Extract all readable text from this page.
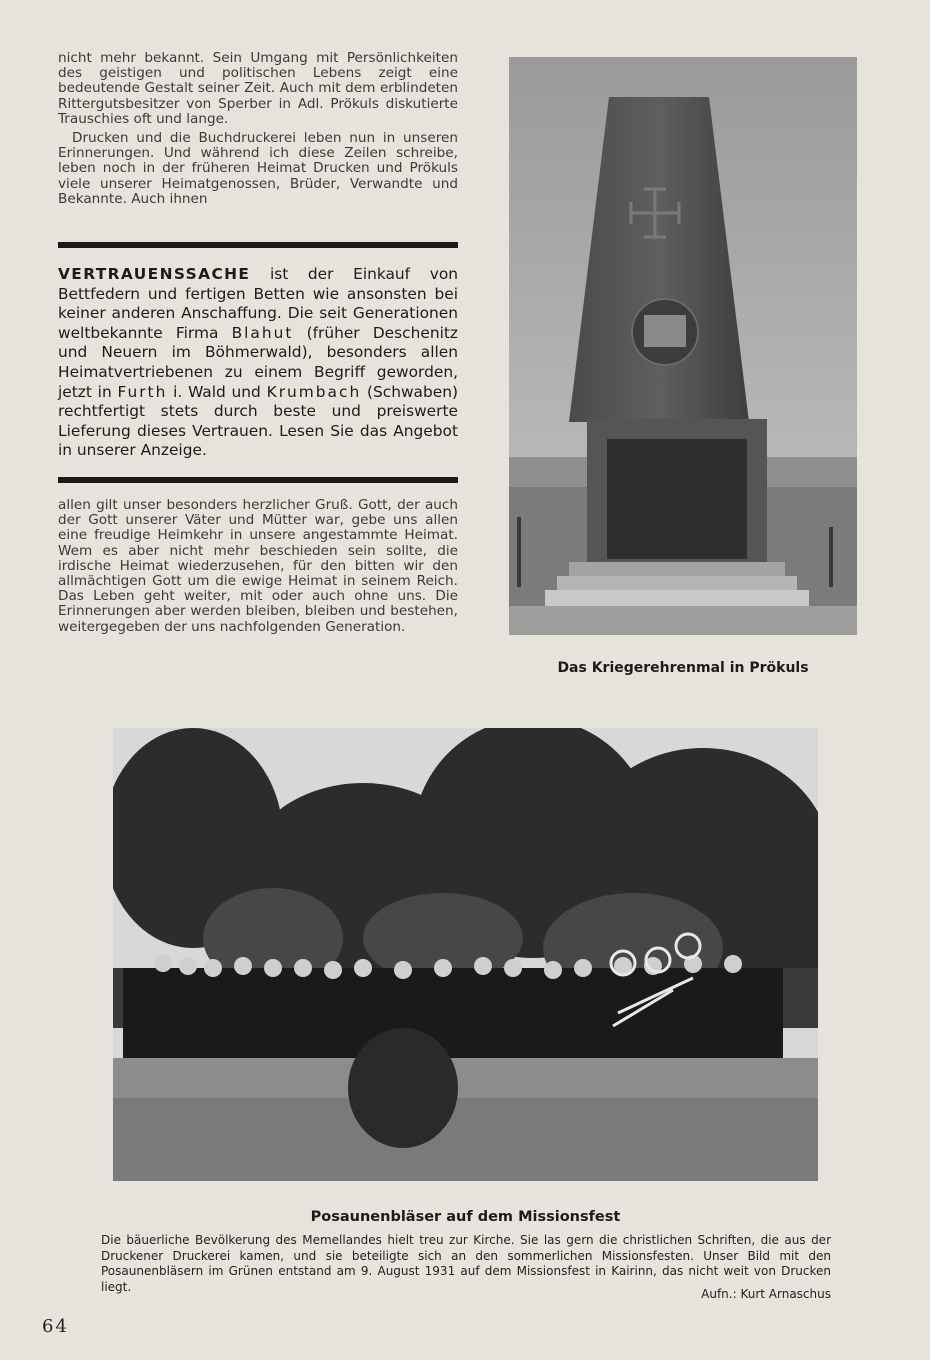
nicht mehr bekannt. Sein Umgang mit Persönlichkeiten des geistigen und politischen Lebens zeigt eine bedeutende Gestalt seiner Zeit. Auch mit dem erblindeten Rittergutsbesitzer von Sperber in Adl. Prökuls diskutierte Trauschies oft und lange.

Drucken und die Buchdruckerei leben nun in unseren Erinnerungen. Und während ich diese Zeilen schreibe, leben noch in der früheren Heimat Drucken und Prökuls viele unserer Heimatgenossen, Brüder, Verwandte und Bekannte. Auch ihnen

VERTRAUENSSACHE ist der Einkauf von Bettfedern und fertigen Betten wie ansonsten bei keiner anderen Anschaffung. Die seit Generationen weltbekannte Firma Blahut (früher Deschenitz und Neuern im Böhmerwald), besonders allen Heimatvertriebenen zu einem Begriff geworden, jetzt in Furth i. Wald und Krumbach (Schwaben) rechtfertigt stets durch beste und preiswerte Lieferung dieses Vertrauen. Lesen Sie das Angebot in unserer Anzeige.

allen gilt unser besonders herzlicher Gruß. Gott, der auch der Gott unserer Väter und Mütter war, gebe uns allen eine freudige Heimkehr in unsere angestammte Heimat. Wem es aber nicht mehr beschieden sein sollte, die irdische Heimat wiederzusehen, für den bitten wir den allmächtigen Gott um die ewige Heimat in seinem Reich. Das Leben geht weiter, mit oder auch ohne uns. Die Erinnerungen aber werden bleiben, bleiben und bestehen, weitergegeben der uns nachfolgenden Generation.

Das Kriegerehrenmal in Prökuls
Posaunenbläser auf dem Missionsfest
Die bäuerliche Bevölkerung des Memellandes hielt treu zur Kirche. Sie las gern die christlichen Schriften, die aus der Druckener Druckerei kamen, und sie beteiligte sich an den sommerlichen Missionsfesten. Unser Bild mit den Posaunenbläsern im Grünen entstand am 9. August 1931 auf dem Missionsfest in Kairinn, das nicht weit von Drucken liegt.
Aufn.: Kurt Arnaschus
64
